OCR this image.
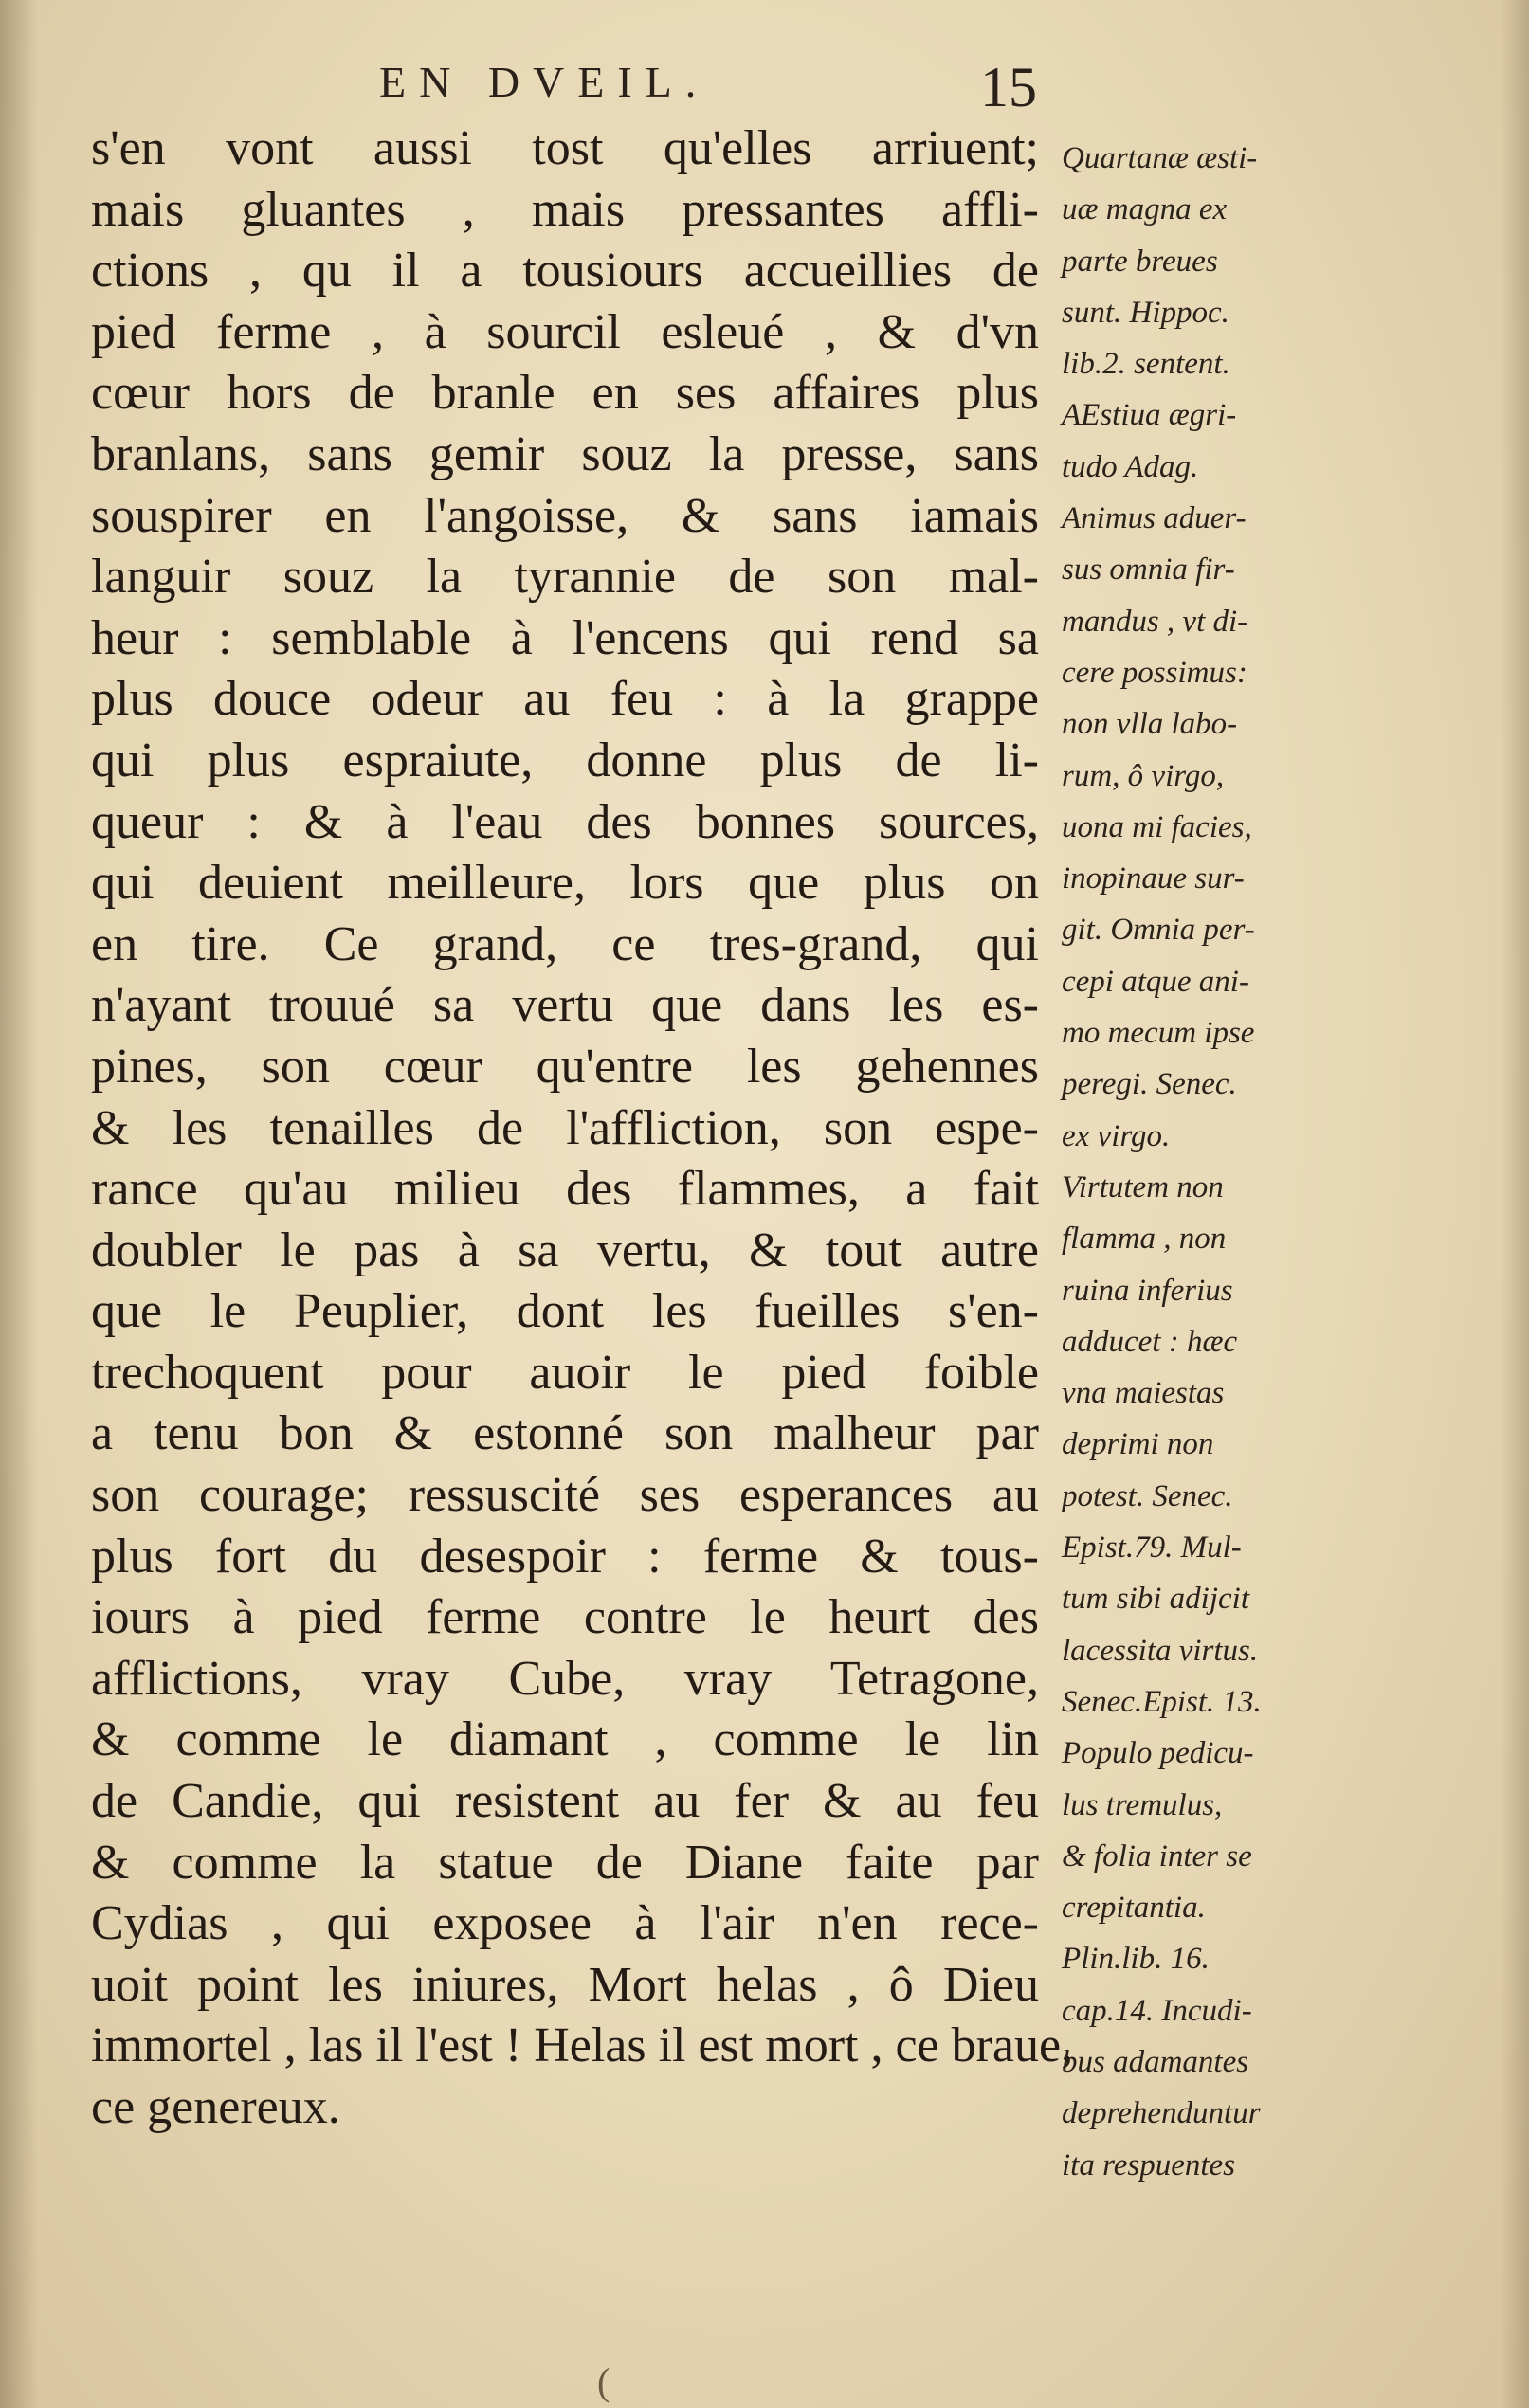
EN DVEIL.	15
s'en vont aussi tost qu'elles arriuent;
mais gluantes , mais pressantes affli-
ctions , qu il a tousiours accueillies de
pied ferme , à sourcil esleué , & d'vn
cœur hors de branle en ses affaires plus
branlans, sans gemir souz la presse, sans
souspirer en l'angoisse, & sans iamais
languir souz la tyrannie de son mal-
heur : semblable à l'encens qui rend sa
plus douce odeur au feu : à la grappe
qui plus espraiute, donne plus de li-
queur : & à l'eau des bonnes sources,
qui deuient meilleure, lors que plus on
en tire. Ce grand, ce tres-grand, qui
n'ayant trouué sa vertu que dans les es-
pines, son cœur qu'entre les gehennes
& les tenailles de l'affliction, son espe-
rance qu'au milieu des flammes, a fait
doubler le pas à sa vertu, & tout autre
que le Peuplier, dont les fueilles s'en-
trechoquent pour auoir le pied foible
a tenu bon & estonné son malheur par
son courage; ressuscité ses esperances au
plus fort du desespoir : ferme & tous-
iours à pied ferme contre le heurt des
afflictions, vray Cube, vray Tetragone,
& comme le diamant , comme le lin
de Candie, qui resistent au fer & au feu
& comme la statue de Diane faite par
Cydias , qui exposee à l'air n'en rece-
uoit point les iniures, Mort helas , ô Dieu
immortel , las il l'est ! Helas il est mort , ce braue,
ce genereux.
Quartanæ æsti-
uæ magna ex
parte breues
sunt. Hippoc.
lib.2. sentent.
AEstiua ægri-
tudo Adag.
Animus aduer-
sus omnia fir-
mandus , vt di-
cere possimus:
non vlla labo-
rum, ô virgo,
uona mi facies,
inopinaue sur-
git. Omnia per-
cepi atque ani-
mo mecum ipse
peregi. Senec.
ex virgo.
Virtutem non
flamma , non
ruina inferius
adducet : hæc
vna maiestas
deprimi non
potest. Senec.
Epist.79. Mul-
tum sibi adijcit
lacessita virtus.
Senec.Epist. 13.
Populo pedicu-
lus tremulus,
& folia inter se
crepitantia.
Plin.lib. 16.
cap.14. Incudi-
bus adamantes
deprehenduntur
ita respuentes
(
